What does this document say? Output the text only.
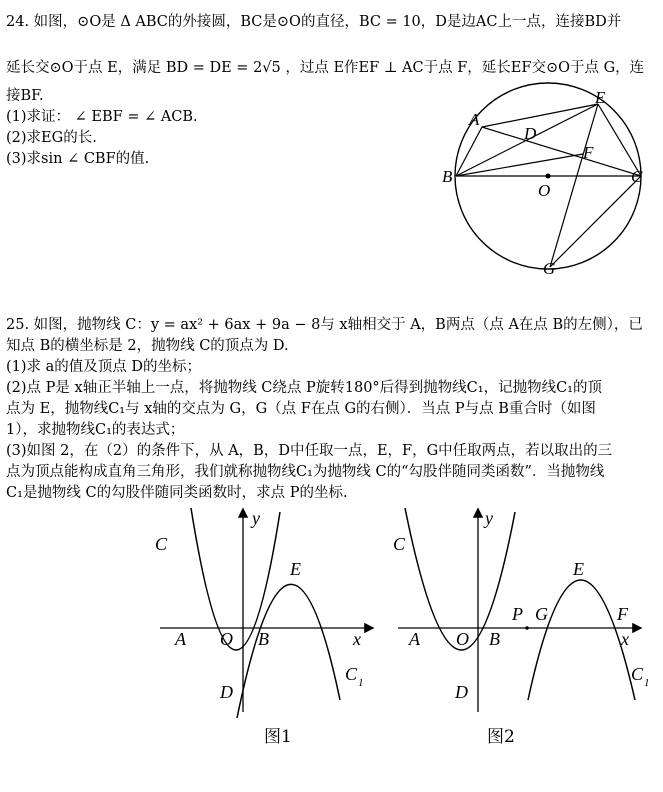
24. 如图，⊙O是 Δ ABC的外接圆，BC是⊙O的直径，BC = 10，D是边AC上一点，连接BD并
延长交⊙O于点 E，满足 BD = DE = 2√5 ，过点 E作EF ⊥ AC于点 F，延长EF交⊙O于点 G，连
接BF.
(1)求证： ∠ EBF = ∠ ACB.
(2)求EG的长.
(3)求sin ∠ CBF的值.
A
B	C
D
E
F
G
O
25. 如图，抛物线 C：y = ax² + 6ax + 9a − 8与 x轴相交于 A，B两点（点 A在点 B的左侧），已
知点 B的横坐标是 2，抛物线 C的顶点为 D.
(1)求 a的值及顶点 D的坐标；
(2)点 P是 x轴正半轴上一点，将抛物线 C绕点 P旋转180°后得到抛物线C₁，记抛物线C₁的顶
点为 E，抛物线C₁与 x轴的交点为 G，G（点 F在点 G的右侧）．当点 P与点 B重合时（如图
1），求抛物线C₁的表达式；
(3)如图 2，在（2）的条件下，从 A，B，D中任取一点，E，F，G中任取两点，若以取出的三
点为顶点能构成直角三角形，我们就称抛物线C₁为抛物线 C的“勾股伴随同类函数”．当抛物线
C₁是抛物线 C的勾股伴随同类函数时，求点 P的坐标.
C
y
E
A O B	x
D
C 1
图1
C
y
E
P G	F
A O B	x
D
C 1
图2
